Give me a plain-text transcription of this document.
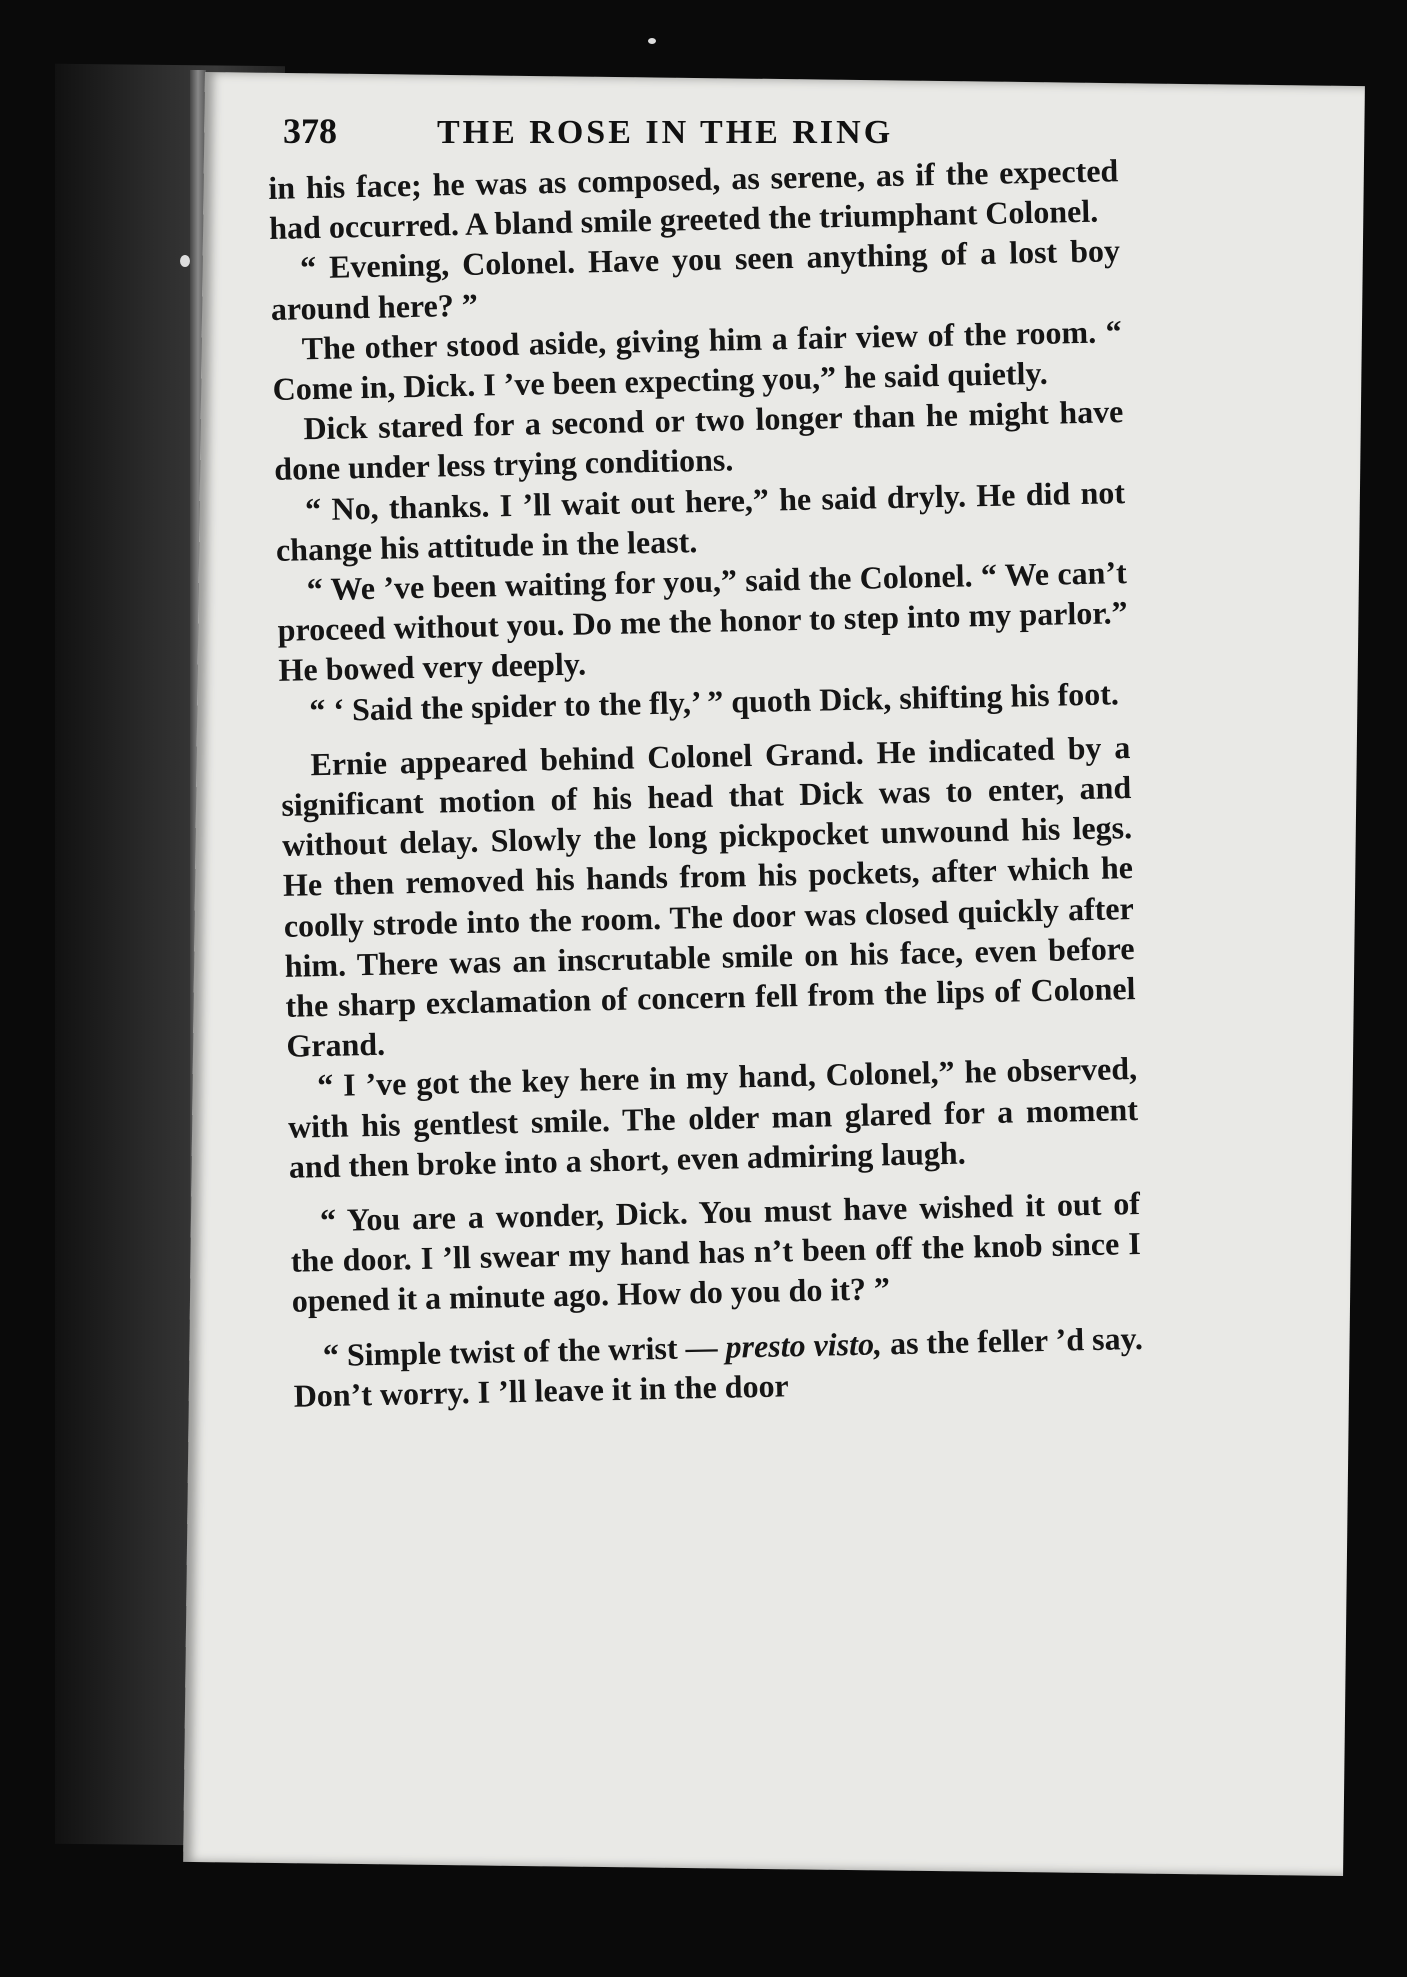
378	THE ROSE IN THE RING

in his face; he was as composed, as serene, as if the expected had occurred. A bland smile greeted the triumphant Colonel.

“ Evening, Colonel. Have you seen anything of a lost boy around here? ”

The other stood aside, giving him a fair view of the room. “ Come in, Dick. I ’ve been expecting you,” he said quietly.

Dick stared for a second or two longer than he might have done under less trying conditions.

“ No, thanks. I ’ll wait out here,” he said dryly. He did not change his attitude in the least.

“ We ’ve been waiting for you,” said the Colonel. “ We can’t proceed without you. Do me the honor to step into my parlor.” He bowed very deeply.

“ ‘ Said the spider to the fly,’ ” quoth Dick, shifting his foot.

Ernie appeared behind Colonel Grand. He indicated by a significant motion of his head that Dick was to enter, and without delay. Slowly the long pickpocket unwound his legs. He then removed his hands from his pockets, after which he coolly strode into the room. The door was closed quickly after him. There was an inscrutable smile on his face, even before the sharp exclamation of concern fell from the lips of Colonel Grand.

“ I ’ve got the key here in my hand, Colonel,” he observed, with his gentlest smile. The older man glared for a moment and then broke into a short, even admiring laugh.

“ You are a wonder, Dick. You must have wished it out of the door. I ’ll swear my hand has n’t been off the knob since I opened it a minute ago. How do you do it? ”

“ Simple twist of the wrist — presto visto, as the feller ’d say. Don’t worry. I ’ll leave it in the door
